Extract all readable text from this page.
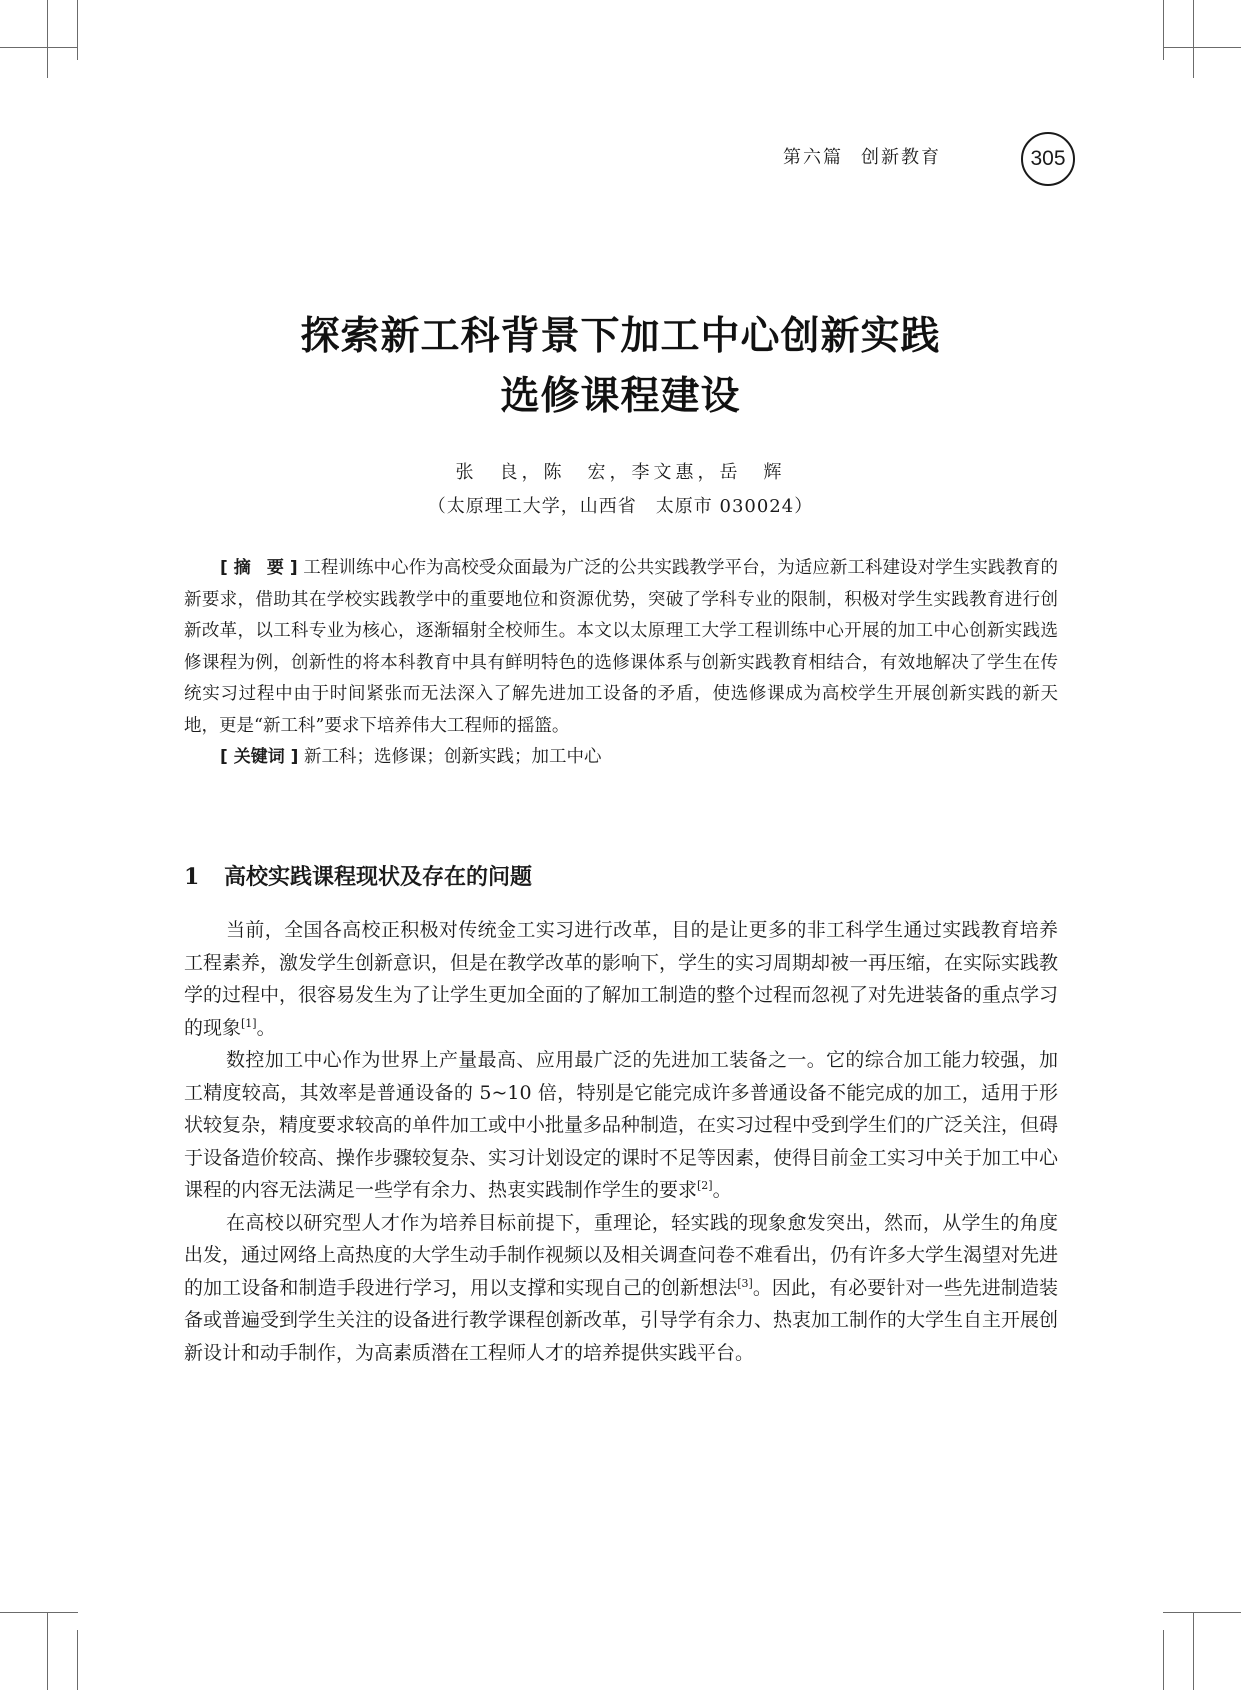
第六篇 创新教育	305
探索新工科背景下加工中心创新实践
选修课程建设
张　良，陈　宏，李文惠，岳　辉
（太原理工大学，山西省　太原市 030024）

[ 摘 要 ] 工程训练中心作为高校受众面最为广泛的公共实践教学平台，为适应新工科建设对学生实践教育的新要求，借助其在学校实践教学中的重要地位和资源优势，突破了学科专业的限制，积极对学生实践教育进行创新改革，以工科专业为核心，逐渐辐射全校师生。本文以太原理工大学工程训练中心开展的加工中心创新实践选修课程为例，创新性的将本科教育中具有鲜明特色的选修课体系与创新实践教育相结合，有效地解决了学生在传统实习过程中由于时间紧张而无法深入了解先进加工设备的矛盾，使选修课成为高校学生开展创新实践的新天地，更是“新工科”要求下培养伟大工程师的摇篮。

[ 关键词 ] 新工科；选修课；创新实践；加工中心

1 高校实践课程现状及存在的问题

当前，全国各高校正积极对传统金工实习进行改革，目的是让更多的非工科学生通过实践教育培养工程素养，激发学生创新意识，但是在教学改革的影响下，学生的实习周期却被一再压缩，在实际实践教学的过程中，很容易发生为了让学生更加全面的了解加工制造的整个过程而忽视了对先进装备的重点学习的现象[1]。

数控加工中心作为世界上产量最高、应用最广泛的先进加工装备之一。它的综合加工能力较强，加工精度较高，其效率是普通设备的 5~10 倍，特别是它能完成许多普通设备不能完成的加工，适用于形状较复杂，精度要求较高的单件加工或中小批量多品种制造，在实习过程中受到学生们的广泛关注，但碍于设备造价较高、操作步骤较复杂、实习计划设定的课时不足等因素，使得目前金工实习中关于加工中心课程的内容无法满足一些学有余力、热衷实践制作学生的要求[2]。

在高校以研究型人才作为培养目标前提下，重理论，轻实践的现象愈发突出，然而，从学生的角度出发，通过网络上高热度的大学生动手制作视频以及相关调查问卷不难看出，仍有许多大学生渴望对先进的加工设备和制造手段进行学习，用以支撑和实现自己的创新想法[3]。因此，有必要针对一些先进制造装备或普遍受到学生关注的设备进行教学课程创新改革，引导学有余力、热衷加工制作的大学生自主开展创新设计和动手制作，为高素质潜在工程师人才的培养提供实践平台。
